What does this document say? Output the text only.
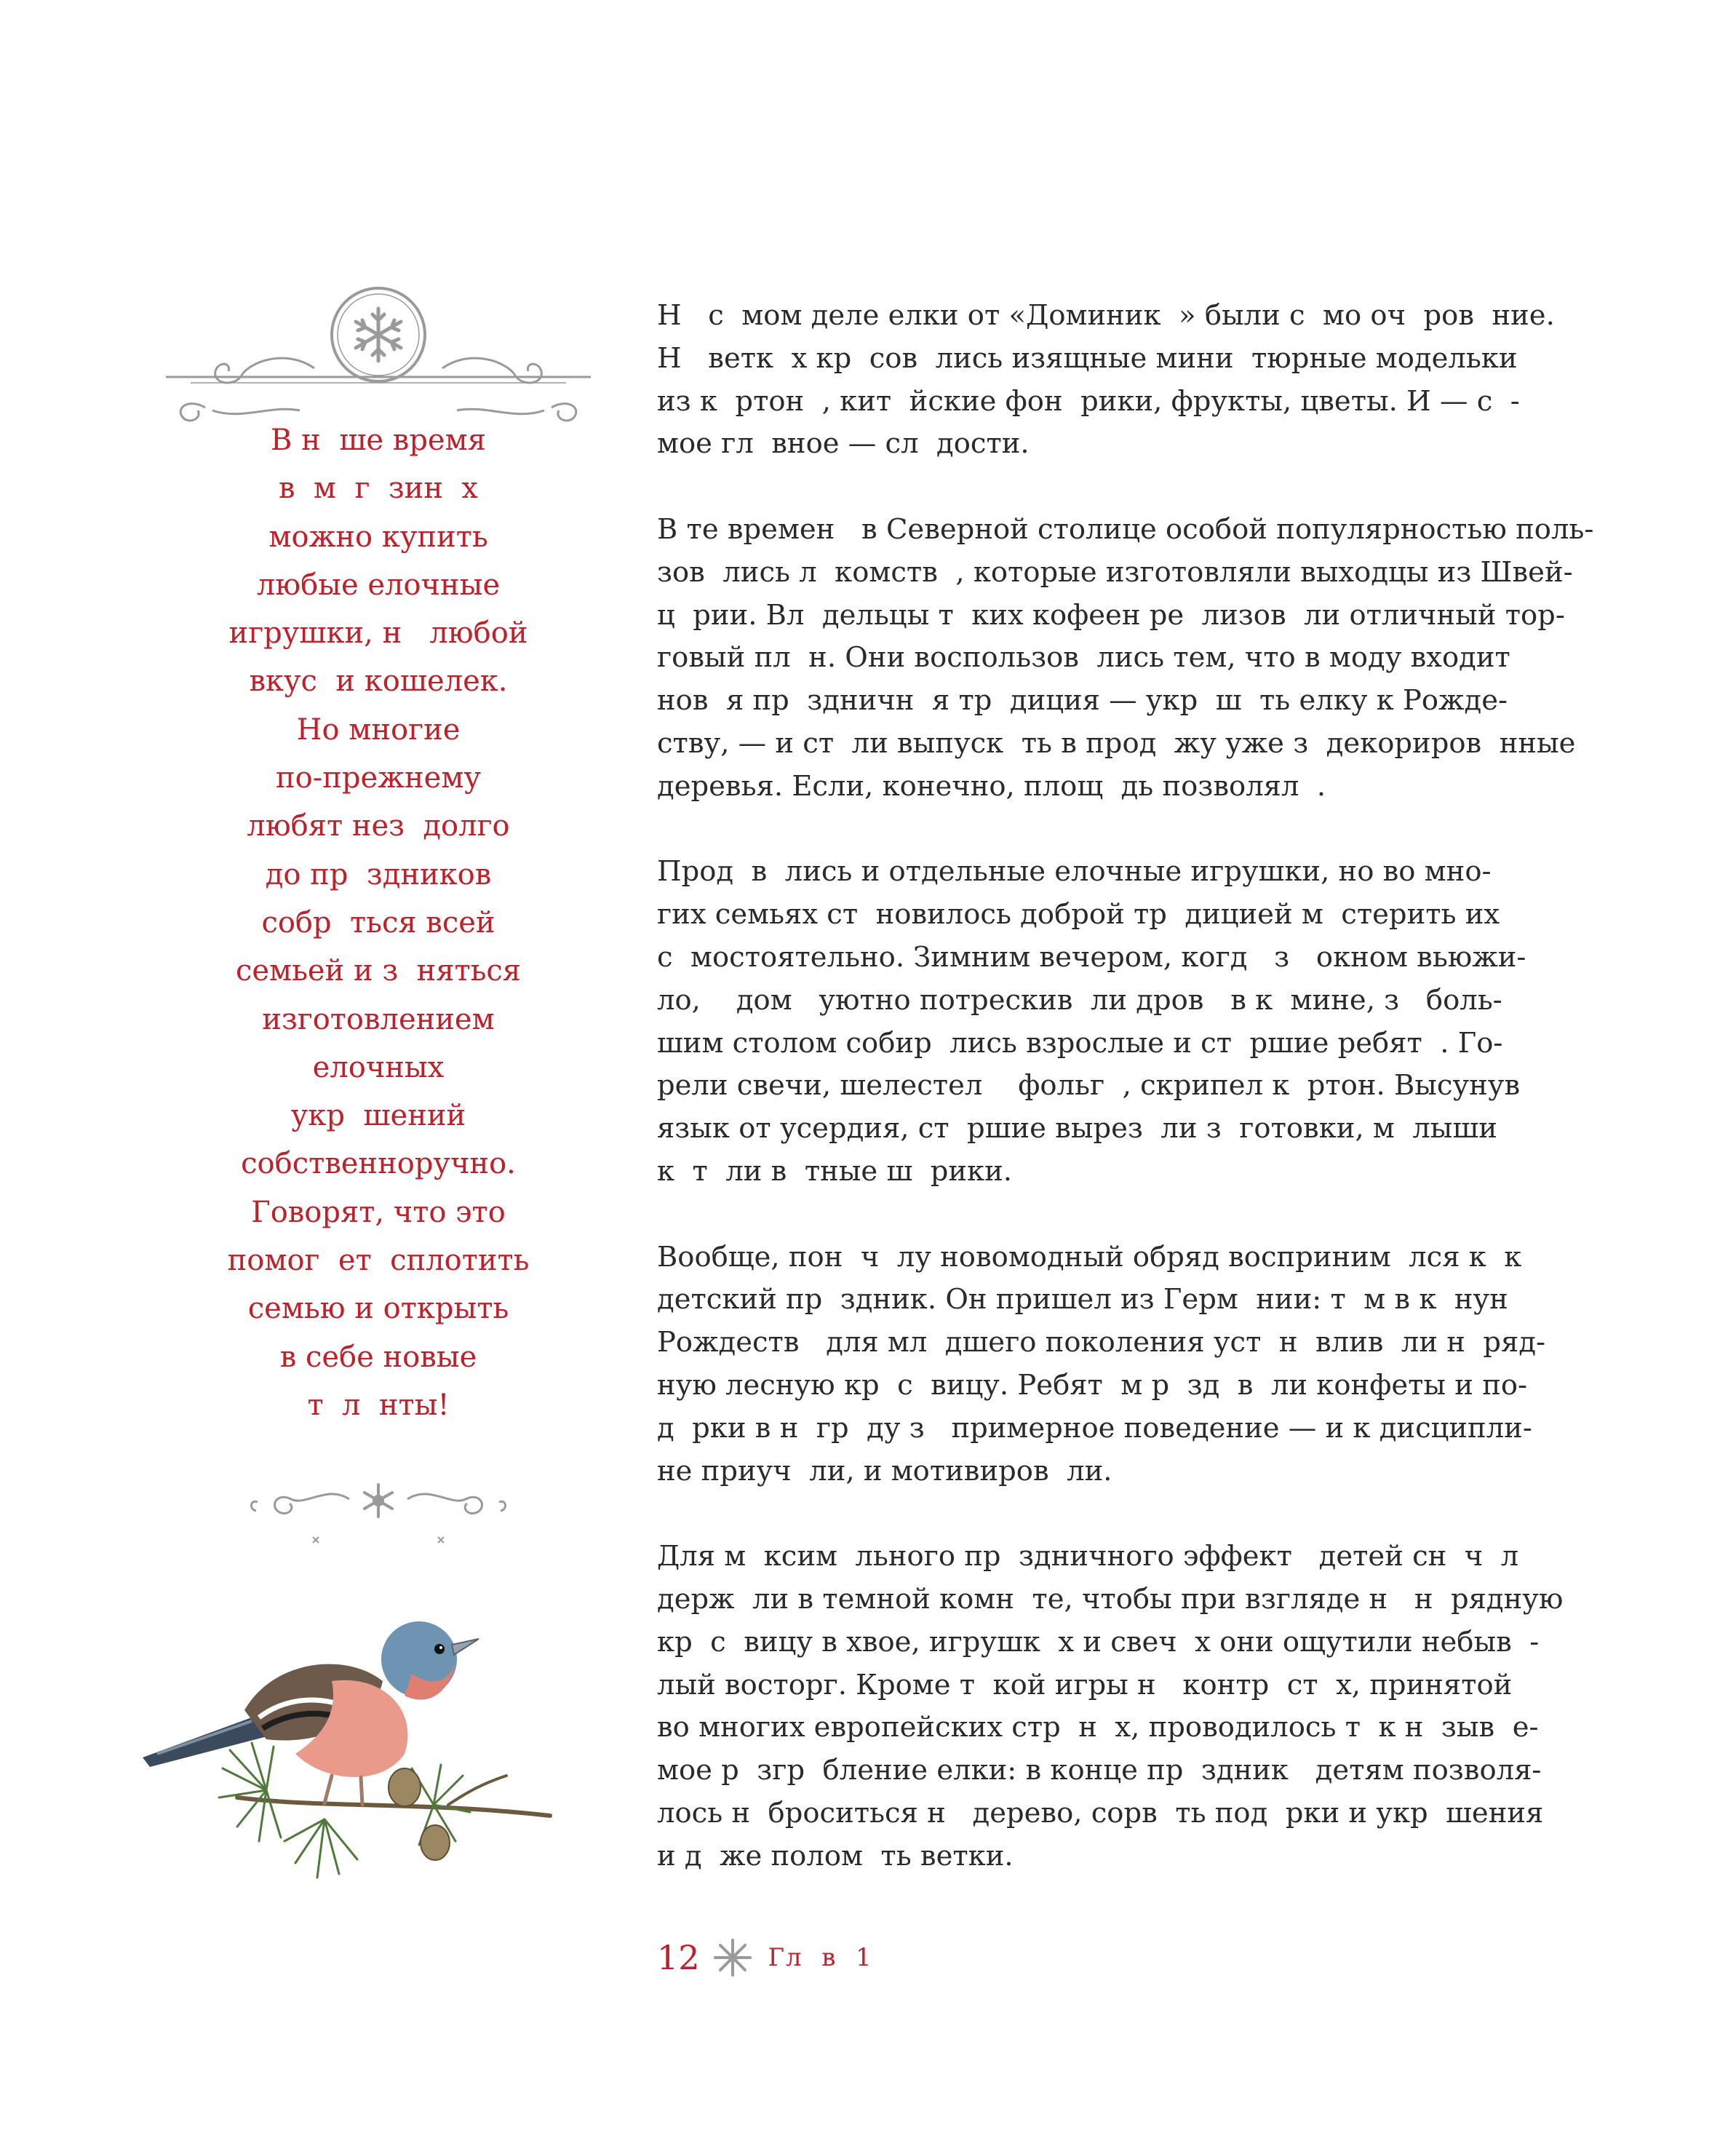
В н  ше время
в  м  г  зин  х
можно купить
любые елочные
игрушки, н   любой
вкус  и кошелек.
Но многие
по-прежнему
любят нез  долго
до пр  здников
собр  ться всей
семьей и з  няться
изготовлением
елочных
укр  шений
собственноручно.
Говорят, что это
помог  ет  сплотить
семью и открыть
в себе новые
т  л  нты!

Н   с  мом деле елки от «Доминик  » были с  мо оч  ров  ние.
Н   ветк  х кр  сов  лись изящные мини  тюрные модельки
из к  ртон  , кит  йские фон  рики, фрукты, цветы. И — с  -
мое гл  вное — сл  дости.

В те времен   в Северной столице особой популярностью поль-
зов  лись л  комств  , которые изготовляли выходцы из Швей-
ц  рии. Вл  дельцы т  ких кофеен ре  лизов  ли отличный тор-
говый пл  н. Они воспользов  лись тем, что в моду входит
нов  я пр  здничн  я тр  диция — укр  ш  ть елку к Рожде-
ству, — и ст  ли выпуск  ть в прод  жу уже з  декориров  нные
деревья. Если, конечно, площ  дь позволял  .

Прод  в  лись и отдельные елочные игрушки, но во мно-
гих семьях ст  новилось доброй тр  дицией м  стерить их
с  мостоятельно. Зимним вечером, когд   з   окном вьюжи-
ло,    дом   уютно потрескив  ли дров   в к  мине, з   боль-
шим столом собир  лись взрослые и ст  ршие ребят  . Го-
рели свечи, шелестел    фольг  , скрипел к  ртон. Высунув
язык от усердия, ст  ршие вырез  ли з  готовки, м  лыши
к  т  ли в  тные ш  рики.

Вообще, пон  ч  лу новомодный обряд восприним  лся к  к
детский пр  здник. Он пришел из Герм  нии: т  м в к  нун
Рождеств   для мл  дшего поколения уст  н  влив  ли н  ряд-
ную лесную кр  с  вицу. Ребят  м р  зд  в  ли конфеты и по-
д  рки в н  гр  ду з   примерное поведение — и к дисципли-
не приуч  ли, и мотивиров  ли.

Для м  ксим  льного пр  здничного эффект   детей сн  ч  л
держ  ли в темной комн  те, чтобы при взгляде н   н  рядную
кр  с  вицу в хвое, игрушк  х и свеч  х они ощутили небыв  -
лый восторг. Кроме т  кой игры н   контр  ст  х, принятой
во многих европейских стр  н  х, проводилось т  к н  зыв  е-
мое р  згр  бление елки: в конце пр  здник   детям позволя-
лось н  броситься н   дерево, сорв  ть под  рки и укр  шения
и д  же полом  ть ветки.

12	Гл  в  1
